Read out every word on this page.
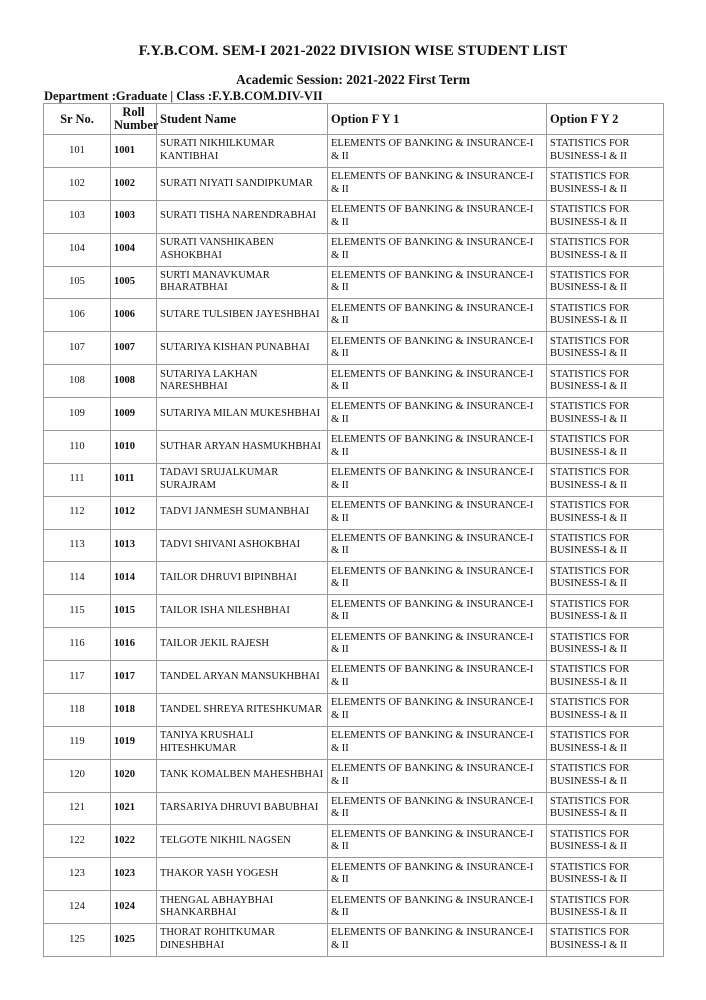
F.Y.B.COM. SEM-I 2021-2022 DIVISION WISE STUDENT LIST
Academic Session: 2021-2022 First Term
Department :Graduate | Class :F.Y.B.COM.DIV-VII
Sr No.	Roll Number	Student Name	Option F Y 1	Option F Y 2
101	1001	SURATI NIKHILKUMAR KANTIBHAI	ELEMENTS OF BANKING & INSURANCE-I & II	STATISTICS FOR BUSINESS-I & II
102	1002	SURATI NIYATI SANDIPKUMAR	ELEMENTS OF BANKING & INSURANCE-I & II	STATISTICS FOR BUSINESS-I & II
103	1003	SURATI TISHA NARENDRABHAI	ELEMENTS OF BANKING & INSURANCE-I & II	STATISTICS FOR BUSINESS-I & II
104	1004	SURATI VANSHIKABEN ASHOKBHAI	ELEMENTS OF BANKING & INSURANCE-I & II	STATISTICS FOR BUSINESS-I & II
105	1005	SURTI MANAVKUMAR BHARATBHAI	ELEMENTS OF BANKING & INSURANCE-I & II	STATISTICS FOR BUSINESS-I & II
106	1006	SUTARE TULSIBEN JAYESHBHAI	ELEMENTS OF BANKING & INSURANCE-I & II	STATISTICS FOR BUSINESS-I & II
107	1007	SUTARIYA KISHAN PUNABHAI	ELEMENTS OF BANKING & INSURANCE-I & II	STATISTICS FOR BUSINESS-I & II
108	1008	SUTARIYA LAKHAN NARESHBHAI	ELEMENTS OF BANKING & INSURANCE-I & II	STATISTICS FOR BUSINESS-I & II
109	1009	SUTARIYA MILAN MUKESHBHAI	ELEMENTS OF BANKING & INSURANCE-I & II	STATISTICS FOR BUSINESS-I & II
110	1010	SUTHAR ARYAN HASMUKHBHAI	ELEMENTS OF BANKING & INSURANCE-I & II	STATISTICS FOR BUSINESS-I & II
111	1011	TADAVI SRUJALKUMAR SURAJRAM	ELEMENTS OF BANKING & INSURANCE-I & II	STATISTICS FOR BUSINESS-I & II
112	1012	TADVI JANMESH SUMANBHAI	ELEMENTS OF BANKING & INSURANCE-I & II	STATISTICS FOR BUSINESS-I & II
113	1013	TADVI SHIVANI ASHOKBHAI	ELEMENTS OF BANKING & INSURANCE-I & II	STATISTICS FOR BUSINESS-I & II
114	1014	TAILOR DHRUVI BIPINBHAI	ELEMENTS OF BANKING & INSURANCE-I & II	STATISTICS FOR BUSINESS-I & II
115	1015	TAILOR ISHA NILESHBHAI	ELEMENTS OF BANKING & INSURANCE-I & II	STATISTICS FOR BUSINESS-I & II
116	1016	TAILOR JEKIL RAJESH	ELEMENTS OF BANKING & INSURANCE-I & II	STATISTICS FOR BUSINESS-I & II
117	1017	TANDEL ARYAN MANSUKHBHAI	ELEMENTS OF BANKING & INSURANCE-I & II	STATISTICS FOR BUSINESS-I & II
118	1018	TANDEL SHREYA RITESHKUMAR	ELEMENTS OF BANKING & INSURANCE-I & II	STATISTICS FOR BUSINESS-I & II
119	1019	TANIYA KRUSHALI HITESHKUMAR	ELEMENTS OF BANKING & INSURANCE-I & II	STATISTICS FOR BUSINESS-I & II
120	1020	TANK KOMALBEN MAHESHBHAI	ELEMENTS OF BANKING & INSURANCE-I & II	STATISTICS FOR BUSINESS-I & II
121	1021	TARSARIYA DHRUVI BABUBHAI	ELEMENTS OF BANKING & INSURANCE-I & II	STATISTICS FOR BUSINESS-I & II
122	1022	TELGOTE NIKHIL NAGSEN	ELEMENTS OF BANKING & INSURANCE-I & II	STATISTICS FOR BUSINESS-I & II
123	1023	THAKOR YASH YOGESH	ELEMENTS OF BANKING & INSURANCE-I & II	STATISTICS FOR BUSINESS-I & II
124	1024	THENGAL ABHAYBHAI SHANKARBHAI	ELEMENTS OF BANKING & INSURANCE-I & II	STATISTICS FOR BUSINESS-I & II
125	1025	THORAT ROHITKUMAR DINESHBHAI	ELEMENTS OF BANKING & INSURANCE-I & II	STATISTICS FOR BUSINESS-I & II
